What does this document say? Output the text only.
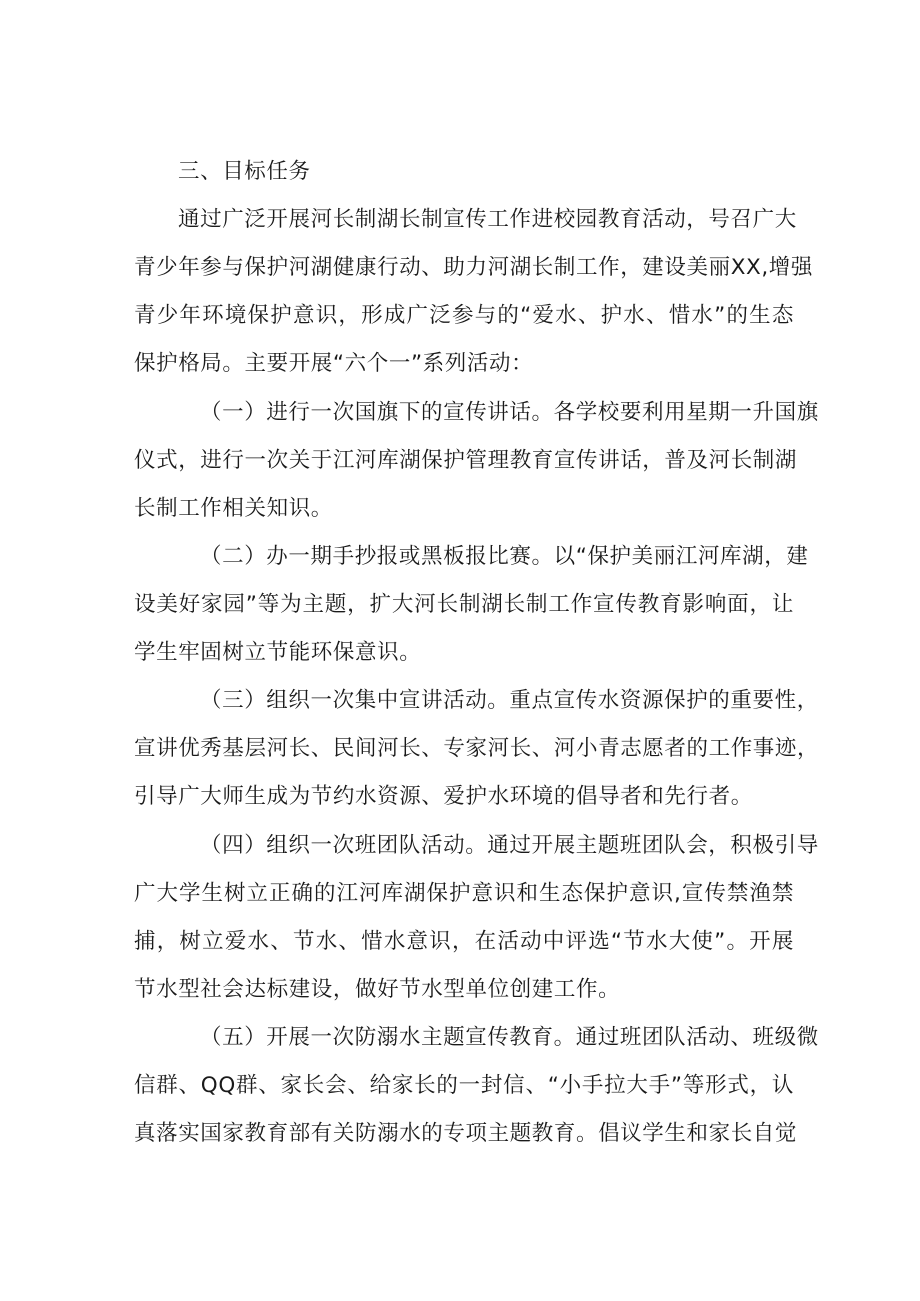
三、目标任务
通过广泛开展河长制湖长制宣传工作进校园教育活动，号召广大
青少年参与保护河湖健康行动、助力河湖长制工作，建设美丽XX,增强
青少年环境保护意识，形成广泛参与的“爱水、护水、惜水”的生态
保护格局。主要开展“六个一”系列活动：
（一）进行一次国旗下的宣传讲话。各学校要利用星期一升国旗
仪式，进行一次关于江河库湖保护管理教育宣传讲话，普及河长制湖
长制工作相关知识。
（二）办一期手抄报或黑板报比赛。以“保护美丽江河库湖，建
设美好家园”等为主题，扩大河长制湖长制工作宣传教育影响面，让
学生牢固树立节能环保意识。
（三）组织一次集中宣讲活动。重点宣传水资源保护的重要性，
宣讲优秀基层河长、民间河长、专家河长、河小青志愿者的工作事迹，
引导广大师生成为节约水资源、爱护水环境的倡导者和先行者。
（四）组织一次班团队活动。通过开展主题班团队会，积极引导
广大学生树立正确的江河库湖保护意识和生态保护意识,宣传禁渔禁
捕，树立爱水、节水、惜水意识，在活动中评选“节水大使”。开展
节水型社会达标建设，做好节水型单位创建工作。
（五）开展一次防溺水主题宣传教育。通过班团队活动、班级微
信群、QQ群、家长会、给家长的一封信、“小手拉大手”等形式，认
真落实国家教育部有关防溺水的专项主题教育。倡议学生和家长自觉
